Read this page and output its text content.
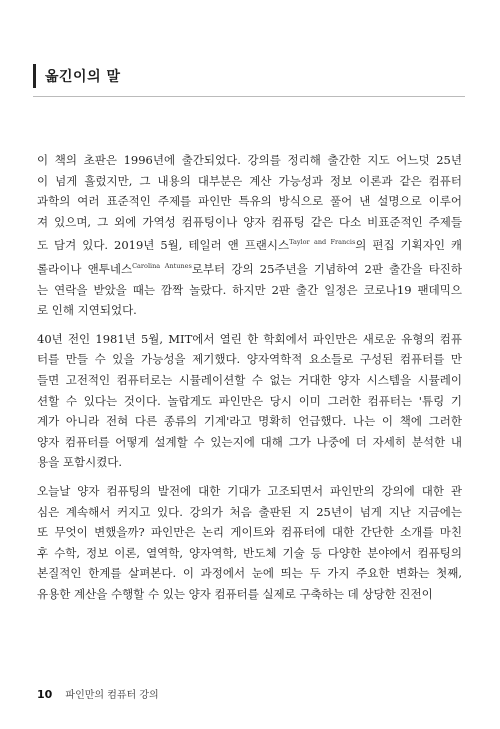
옮긴이의 말
이 책의 초판은 1996년에 출간되었다. 강의를 정리해 출간한 지도 어느덧 25년
이 넘게 흘렀지만, 그 내용의 대부분은 계산 가능성과 정보 이론과 같은 컴퓨터
과학의 여러 표준적인 주제를 파인만 특유의 방식으로 풀어 낸 설명으로 이루어
져 있으며, 그 외에 가역성 컴퓨팅이나 양자 컴퓨팅 같은 다소 비표준적인 주제들
도 담겨 있다. 2019년 5월, 테일러 앤 프랜시스$^{Taylor and Francis}$의 편집 기획자인 캐
롤라이나 앤투네스$^{Carolina Antunes}$로부터 강의 25주년을 기념하여 2판 출간을 타진하
는 연락을 받았을 때는 깜짝 놀랐다. 하지만 2판 출간 일정은 코로나19 팬데믹으
로 인해 지연되었다.
40년 전인 1981년 5월, MIT에서 열린 한 학회에서 파인만은 새로운 유형의 컴퓨
터를 만들 수 있을 가능성을 제기했다. 양자역학적 요소들로 구성된 컴퓨터를 만
들면 고전적인 컴퓨터로는 시뮬레이션할 수 없는 거대한 양자 시스템을 시뮬레이
션할 수 있다는 것이다. 놀랍게도 파인만은 당시 이미 그러한 컴퓨터는 '튜링 기
계가 아니라 전혀 다른 종류의 기계'라고 명확히 언급했다. 나는 이 책에 그러한
양자 컴퓨터를 어떻게 설계할 수 있는지에 대해 그가 나중에 더 자세히 분석한 내
용을 포함시켰다.
오늘날 양자 컴퓨팅의 발전에 대한 기대가 고조되면서 파인만의 강의에 대한 관
심은 계속해서 커지고 있다. 강의가 처음 출판된 지 25년이 넘게 지난 지금에는
또 무엇이 변했을까? 파인만은 논리 게이트와 컴퓨터에 대한 간단한 소개를 마친
후 수학, 정보 이론, 열역학, 양자역학, 반도체 기술 등 다양한 분야에서 컴퓨팅의
본질적인 한계를 살펴본다. 이 과정에서 눈에 띄는 두 가지 주요한 변화는 첫째,
유용한 계산을 수행할 수 있는 양자 컴퓨터를 실제로 구축하는 데 상당한 진전이
10 파인만의 컴퓨터 강의
